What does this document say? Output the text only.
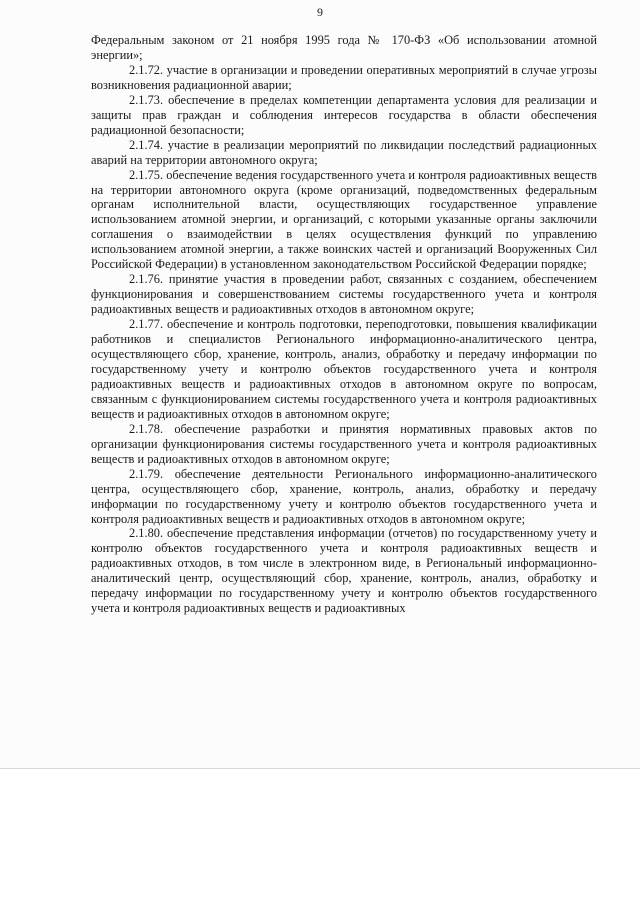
9

Федеральным законом от 21 ноября 1995 года № 170-ФЗ «Об использовании атомной энергии»;

2.1.72. участие в организации и проведении оперативных мероприятий в случае угрозы возникновения радиационной аварии;

2.1.73. обеспечение в пределах компетенции департамента условия для реализации и защиты прав граждан и соблюдения интересов государства в области обеспечения радиационной безопасности;

2.1.74. участие в реализации мероприятий по ликвидации последствий радиационных аварий на территории автономного округа;

2.1.75. обеспечение ведения государственного учета и контроля радиоактивных веществ на территории автономного округа (кроме организаций, подведомственных федеральным органам исполнительной власти, осуществляющих государственное управление использованием атомной энергии, и организаций, с которыми указанные органы заключили соглашения о взаимодействии в целях осуществления функций по управлению использованием атомной энергии, а также воинских частей и организаций Вооруженных Сил Российской Федерации) в установленном законодательством Российской Федерации порядке;

2.1.76. принятие участия в проведении работ, связанных с созданием, обеспечением функционирования и совершенствованием системы государственного учета и контроля радиоактивных веществ и радиоактивных отходов в автономном округе;

2.1.77. обеспечение и контроль подготовки, переподготовки, повышения квалификации работников и специалистов Регионального информационно-аналитического центра, осуществляющего сбор, хранение, контроль, анализ, обработку и передачу информации по государственному учету и контролю объектов государственного учета и контроля радиоактивных веществ и радиоактивных отходов в автономном округе по вопросам, связанным с функционированием системы государственного учета и контроля радиоактивных веществ и радиоактивных отходов в автономном округе;

2.1.78. обеспечение разработки и принятия нормативных правовых актов по организации функционирования системы государственного учета и контроля радиоактивных веществ и радиоактивных отходов в автономном округе;

2.1.79. обеспечение деятельности Регионального информационно-аналитического центра, осуществляющего сбор, хранение, контроль, анализ, обработку и передачу информации по государственному учету и контролю объектов государственного учета и контроля радиоактивных веществ и радиоактивных отходов в автономном округе;

2.1.80. обеспечение представления информации (отчетов) по государственному учету и контролю объектов государственного учета и контроля радиоактивных веществ и радиоактивных отходов, в том числе в электронном виде, в Региональный информационно-аналитический центр, осуществляющий сбор, хранение, контроль, анализ, обработку и передачу информации по государственному учету и контролю объектов государственного учета и контроля радиоактивных веществ и радиоактивных
